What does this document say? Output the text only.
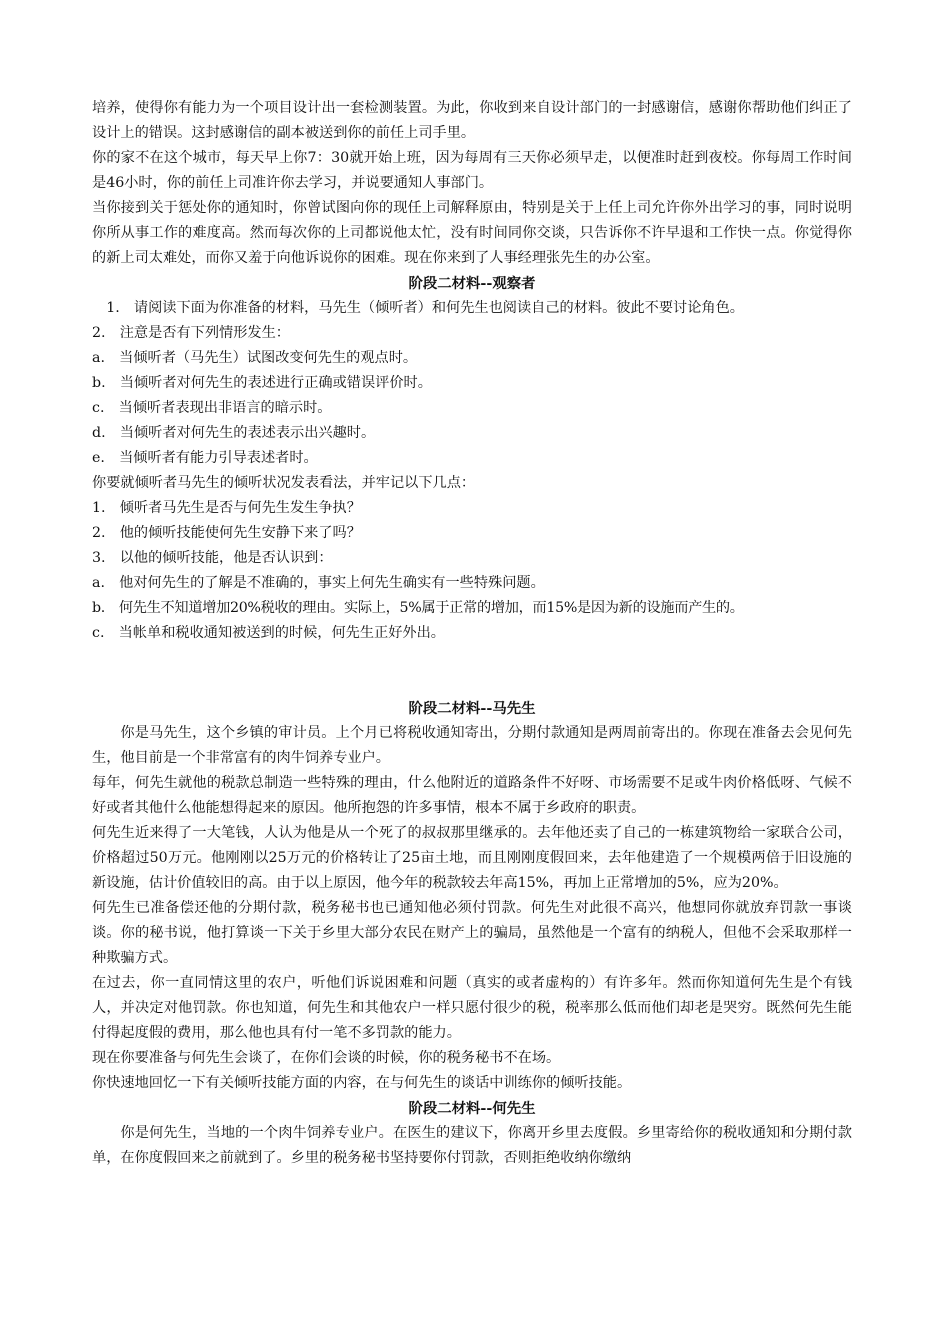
培养，使得你有能力为一个项目设计出一套检测装置。为此，你收到来自设计部门的一封感谢信，感谢你帮助他们纠正了设计上的错误。这封感谢信的副本被送到你的前任上司手里。

你的家不在这个城市，每天早上你7：30就开始上班，因为每周有三天你必须早走，以便准时赶到夜校。你每周工作时间是46小时，你的前任上司准许你去学习，并说要通知人事部门。

当你接到关于惩处你的通知时，你曾试图向你的现任上司解释原由，特别是关于上任上司允许你外出学习的事，同时说明你所从事工作的难度高。然而每次你的上司都说他太忙，没有时间同你交谈，只告诉你不许早退和工作快一点。你觉得你的新上司太难处，而你又羞于向他诉说你的困难。现在你来到了人事经理张先生的办公室。

阶段二材料--观察者

1.　请阅读下面为你准备的材料，马先生（倾听者）和何先生也阅读自己的材料。彼此不要讨论角色。

2.　注意是否有下列情形发生：

a.　当倾听者（马先生）试图改变何先生的观点时。

b.　当倾听者对何先生的表述进行正确或错误评价时。

c.　当倾听者表现出非语言的暗示时。

d.　当倾听者对何先生的表述表示出兴趣时。

e.　当倾听者有能力引导表述者时。

你要就倾听者马先生的倾听状况发表看法，并牢记以下几点：

1.　倾听者马先生是否与何先生发生争执？

2.　他的倾听技能使何先生安静下来了吗？

3.　以他的倾听技能，他是否认识到：

a.　他对何先生的了解是不准确的，事实上何先生确实有一些特殊问题。

b.　何先生不知道增加20%税收的理由。实际上，5%属于正常的增加，而15%是因为新的设施而产生的。

c.　当帐单和税收通知被送到的时候，何先生正好外出。

阶段二材料--马先生

你是马先生，这个乡镇的审计员。上个月已将税收通知寄出，分期付款通知是两周前寄出的。你现在准备去会见何先生，他目前是一个非常富有的肉牛饲养专业户。

每年，何先生就他的税款总制造一些特殊的理由，什么他附近的道路条件不好呀、市场需要不足或牛肉价格低呀、气候不好或者其他什么他能想得起来的原因。他所抱怨的许多事情，根本不属于乡政府的职责。

何先生近来得了一大笔钱，人认为他是从一个死了的叔叔那里继承的。去年他还卖了自己的一栋建筑物给一家联合公司，价格超过50万元。他刚刚以25万元的价格转让了25亩土地，而且刚刚度假回来，去年他建造了一个规模两倍于旧设施的新设施，估计价值较旧的高。由于以上原因，他今年的税款较去年高15%，再加上正常增加的5%，应为20%。

何先生已准备偿还他的分期付款，税务秘书也已通知他必须付罚款。何先生对此很不高兴，他想同你就放弃罚款一事谈谈。你的秘书说，他打算谈一下关于乡里大部分农民在财产上的骗局，虽然他是一个富有的纳税人，但他不会采取那样一种欺骗方式。

在过去，你一直同情这里的农户，听他们诉说困难和问题（真实的或者虚构的）有许多年。然而你知道何先生是个有钱人，并决定对他罚款。你也知道，何先生和其他农户一样只愿付很少的税，税率那么低而他们却老是哭穷。既然何先生能付得起度假的费用，那么他也具有付一笔不多罚款的能力。

现在你要准备与何先生会谈了，在你们会谈的时候，你的税务秘书不在场。

你快速地回忆一下有关倾听技能方面的内容，在与何先生的谈话中训练你的倾听技能。

阶段二材料--何先生

你是何先生，当地的一个肉牛饲养专业户。在医生的建议下，你离开乡里去度假。乡里寄给你的税收通知和分期付款单，在你度假回来之前就到了。乡里的税务秘书坚持要你付罚款，否则拒绝收纳你缴纳
